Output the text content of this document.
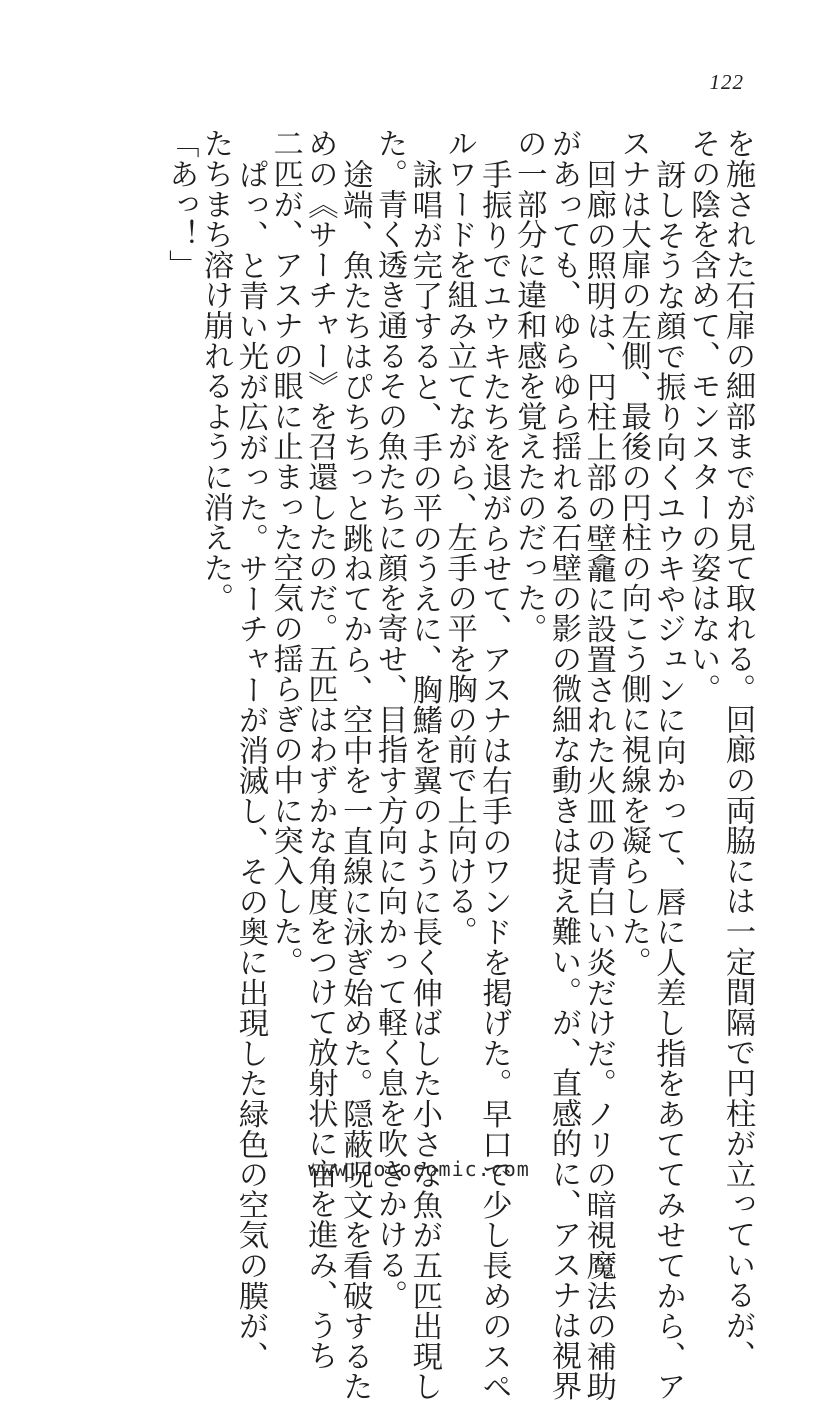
122

を施された石扉の細部までが見て取れる。回廊の両脇には一定間隔で円柱が立っているが、

その陰を含めて、モンスターの姿はない。

訝しそうな顔で振り向くユウキやジュンに向かって、唇に人差し指をあててみせてから、ア

スナは大扉の左側、最後の円柱の向こう側に視線を凝らした。

回廊の照明は、円柱上部の壁龕に設置された火皿の青白い炎だけだ。ノリの暗視魔法の補助

があっても、ゆらゆら揺れる石壁の影の微細な動きは捉え難い。が、直感的に、アスナは視界

の一部分に違和感を覚えたのだった。

手振りでユウキたちを退がらせて、アスナは右手のワンドを掲げた。早口で少し長めのスペ

ルワードを組み立てながら、左手の平を胸の前で上向ける。

詠唱が完了すると、手の平のうえに、胸鰭を翼のように長く伸ばした小さな魚が五匹出現し

た。青く透き通るその魚たちに顔を寄せ、目指す方向に向かって軽く息を吹きかける。

途端、魚たちはぴちちっと跳ねてから、空中を一直線に泳ぎ始めた。隠蔽呪文を看破するた

めの《サーチャー》を召還したのだ。五匹はわずかな角度をつけて放射状に宙を進み、うち

二匹が、アスナの眼に止まった空気の揺らぎの中に突入した。

ぱっ、と青い光が広がった。サーチャーが消滅し、その奥に出現した緑色の空気の膜が、

たちまち溶け崩れるように消えた。

「あっ！」

www.cococomic.com
